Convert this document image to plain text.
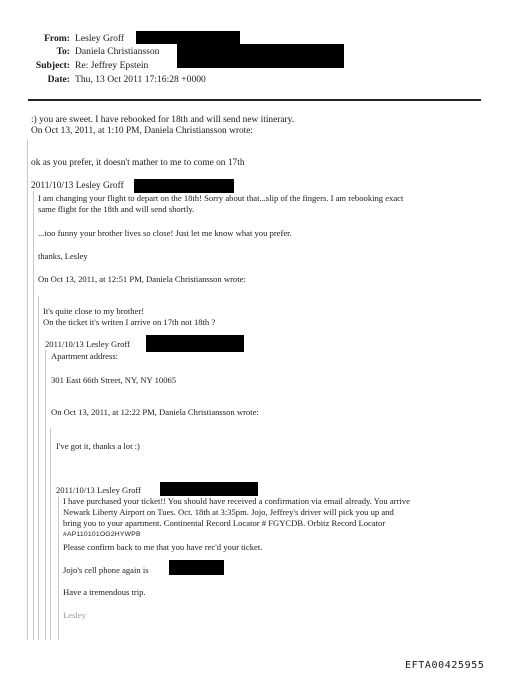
From: Lesley Groff
To: Daniela Christiansson
Subject: Re: Jeffrey Epstein
Date: Thu, 13 Oct 2011 17:16:28 +0000
:) you are sweet. I have rebooked for 18th and will send new itinerary.
On Oct 13, 2011, at 1:10 PM, Daniela Christiansson wrote:
ok as you prefer, it doesn't mather to me to come on 17th
2011/10/13 Lesley Groff
I am changing your flight to depart on the 18th! Sorry about that...slip of the fingers. I am rebooking exact
same flight for the 18th and will send shortly.
...too funny your brother lives so close! Just let me know what you prefer.
thanks, Lesley
On Oct 13, 2011, at 12:51 PM, Daniela Christiansson wrote:
It's quite close to my brother!
On the ticket it's writen I arrive on 17th not 18th ?
2011/10/13 Lesley Groff
Apartment address:
301 East 66th Street, NY, NY 10065
On Oct 13, 2011, at 12:22 PM, Daniela Christiansson wrote:
I've got it, thanks a lot :)
2011/10/13 Lesley Groff
I have purchased your ticket!! You should have received a confirmation via email already. You arrive
Newark Liberty Airport on Tues. Oct. 18th at 3:35pm. Jojo, Jeffrey's driver will pick you up and
bring you to your apartment. Continental Record Locator # FGYCDB. Orbitz Record Locator
#AP110101OG2HYWPB
Please confirm back to me that you have rec'd your ticket.
Jojo's cell phone again is
Have a tremendous trip.
Lesley
EFTA00425955
